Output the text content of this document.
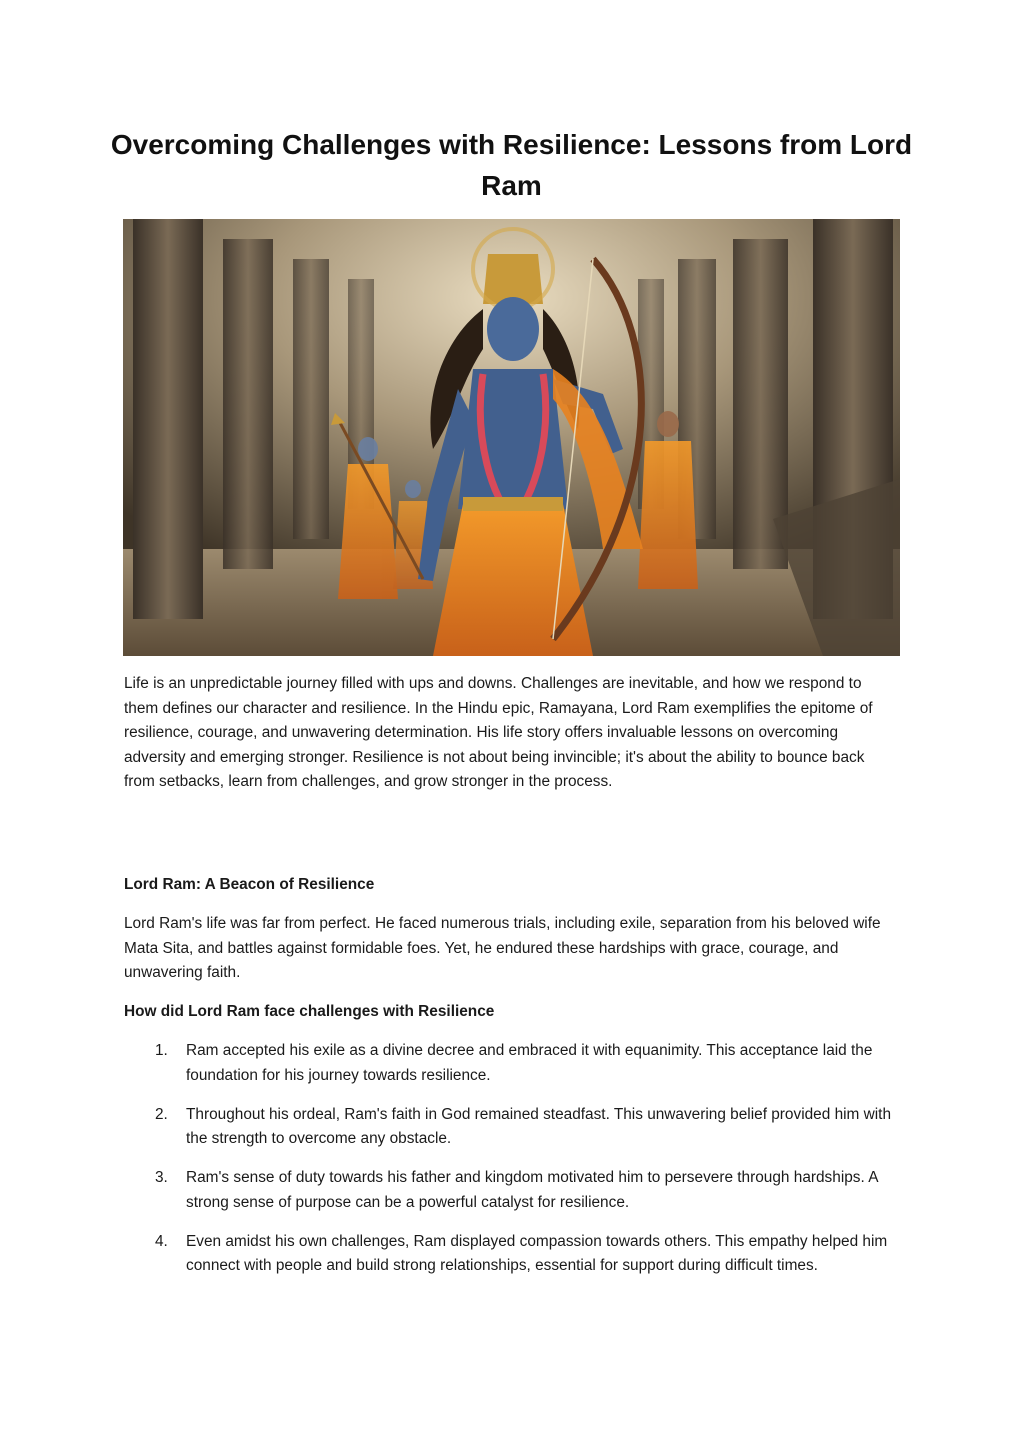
Overcoming Challenges with Resilience: Lessons from Lord Ram

Life is an unpredictable journey filled with ups and downs. Challenges are inevitable, and how we respond to them defines our character and resilience. In the Hindu epic, Ramayana, Lord Ram exemplifies the epitome of resilience, courage, and unwavering determination. His life story offers invaluable lessons on overcoming adversity and emerging stronger. Resilience is not about being invincible; it's about the ability to bounce back from setbacks, learn from challenges, and grow stronger in the process.

Lord Ram: A Beacon of Resilience

Lord Ram's life was far from perfect. He faced numerous trials, including exile, separation from his beloved wife Mata Sita, and battles against formidable foes. Yet, he endured these hardships with grace, courage, and unwavering faith.

How did Lord Ram face challenges with Resilience

1. Ram accepted his exile as a divine decree and embraced it with equanimity. This acceptance laid the foundation for his journey towards resilience.
2. Throughout his ordeal, Ram's faith in God remained steadfast. This unwavering belief provided him with the strength to overcome any obstacle.
3. Ram's sense of duty towards his father and kingdom motivated him to persevere through hardships. A strong sense of purpose can be a powerful catalyst for resilience.
4. Even amidst his own challenges, Ram displayed compassion towards others. This empathy helped him connect with people and build strong relationships, essential for support during difficult times.
